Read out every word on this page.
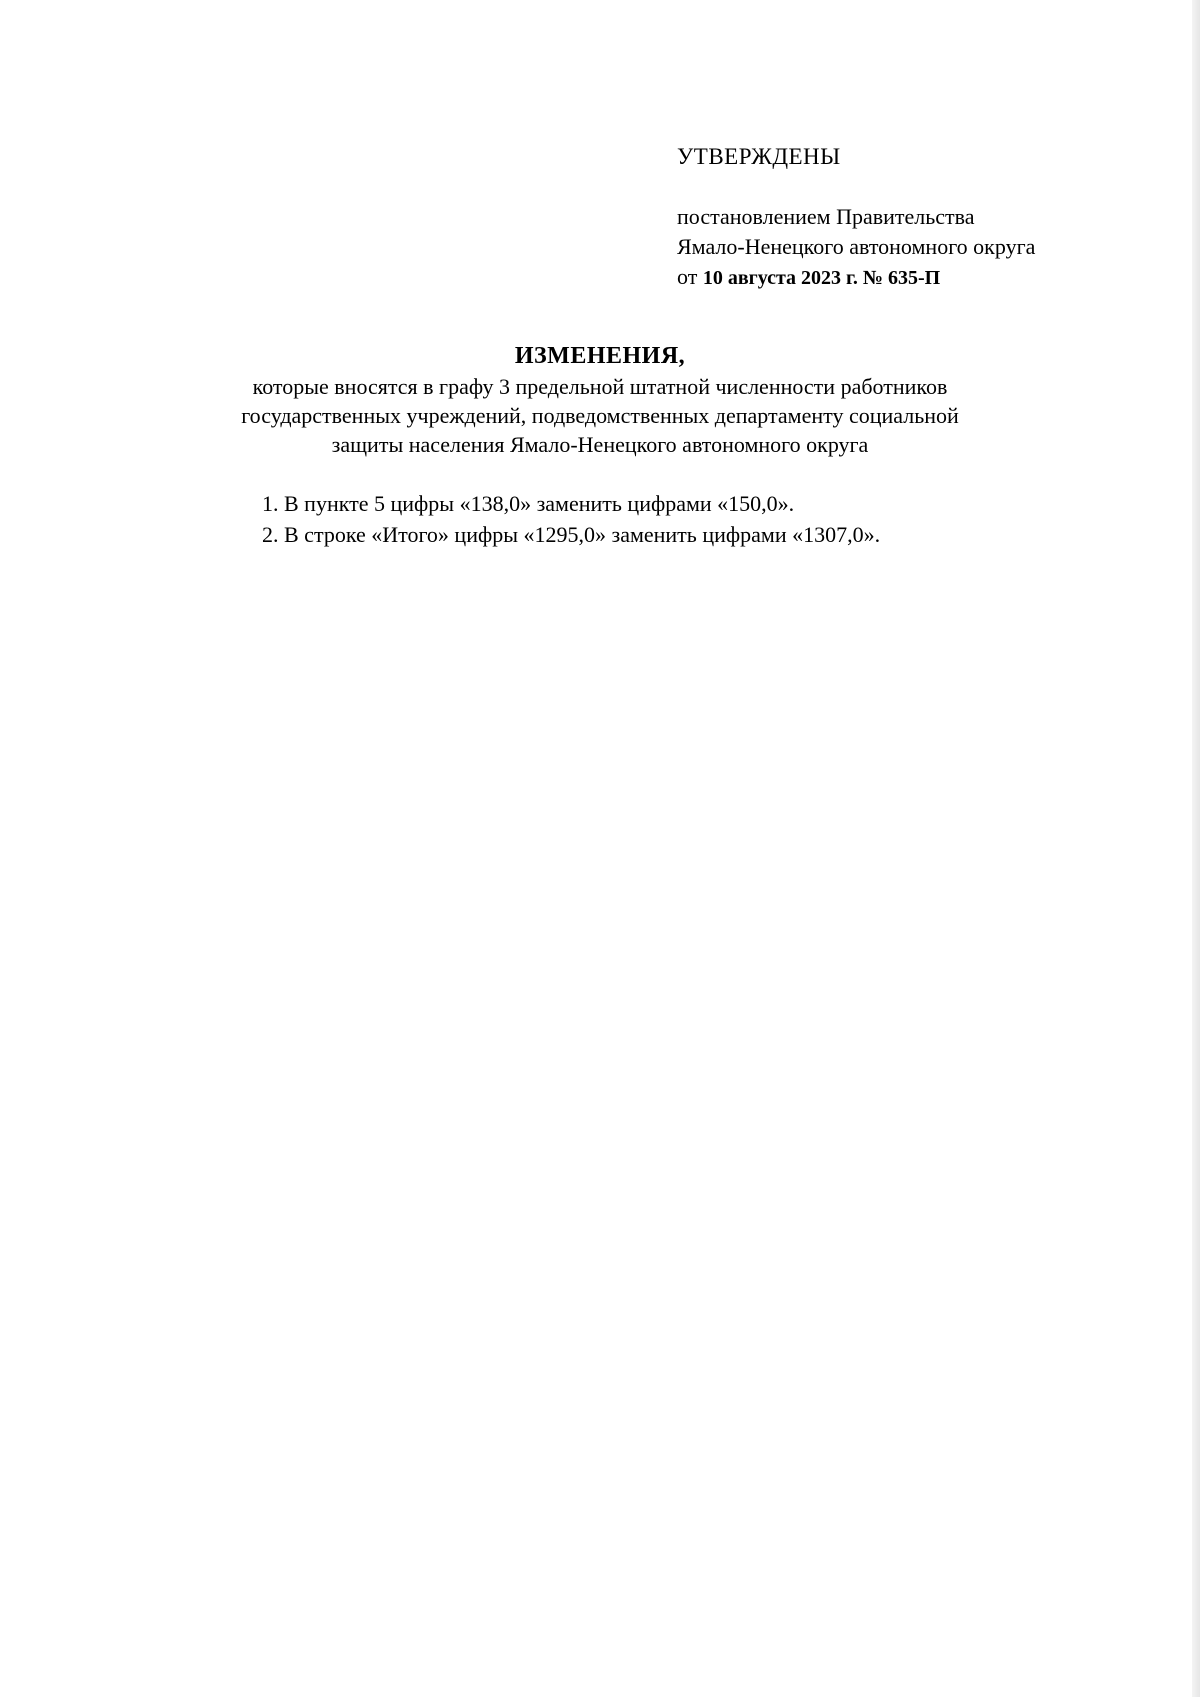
УТВЕРЖДЕНЫ

постановлением Правительства

Ямало-Ненецкого автономного округа

от 10 августа 2023 г. № 635-П

ИЗМЕНЕНИЯ,

которые вносятся в графу 3 предельной штатной численности работников
государственных учреждений, подведомственных департаменту социальной
защиты населения Ямало-Ненецкого автономного округа

1. В пункте 5 цифры «138,0» заменить цифрами «150,0».
2. В строке «Итого» цифры «1295,0» заменить цифрами «1307,0».
